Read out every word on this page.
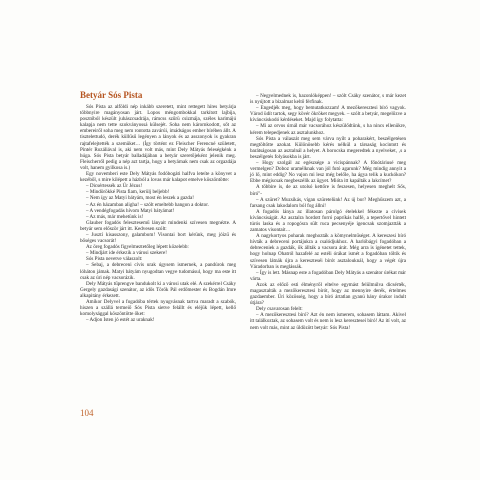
Betyár Sós Pista

Sós Pista az alföldi nép inkább szeretett, mint rettegett híres betyárja többnyire magányosan járt. Lopos méngombokkal tarkított lajbija, posztóból készült juhászcsadrája, rámcss szűrü csizmája, széles karimájú kalapja nem tette szokványossá külsejét. Soha nem kárornkodott, sőt az embereiről soha meg nem rontotta zavárúi, imádságos ember bírében állt. A tisztelettudó, derék küllűsű legényen a lányok és az asszonyok is gyakran rajtafelejtették a szemüket… (Így történt ez Fleischer Ferencné született, Pintér Rozáliával is, aki nem volt más, mint Dely Mátyás feleségkénk a húga. Sós Pista betyár balladájában a betyár szeretőjeként jelenik meg. Fleischerről pedig a nép azt tartja, hogy a betyárnak nem csak az orgazdája volt, hanem gyilkosa is.)

Egy novemberi este Dely Mátyás fodóbogáti halfva leteíte a könyvet a kezéből, s mire kilépett a házból a lovas már kalapot emelve köszöntötte:

– Dicsértessék az Úr Jézus!

– Mindörökké Pista fiam, kerülj beljebb!

– Nem így az Matyi bátyám, most én leszek a gazda!

– Az én házamban aligha! – szólt emeltebb hangon a doktor.

– A vendégfogadás hívom Matyi bátyámat!

– Az más, már mehetünk is!

Glauber fogadós felesztesemű lányait mindenki szívesen megnézte. A betyár sem először járt itt. Kedvesen szólt:

– Jusztí kisasszony, galambom! Visontai bort kérünk, meg jóízű és bőséges vacsorát!

Az öreg fogadós figyelmeztetőleg lépett közelebb:

– Mindjárt ide érkezik a városi szekere!

Sós Pista nevetve válaszolt:

– Sebaj, a debreceni cívis urak úgysem ismernek, a pandúrok meg lóháton jámak. Matyi bátyám nyugodtan vegye tudomásul, hogy ma este itt csak az úri nép vacsorázik.

Dely Mátyás tűprengve bandukolt ki a városi utak elé. A szekérrel Csáky Gergely gazdasági szenátor, az idős Török Pál erdőmester és Bogdán Imre alkapitány érkezett.

Amikor Delyvel a fogadóba tértek nyugvásnak tartva maradt a szabók, hiszen a szállá termeiő Sós Pista sietve felállt és eléjük lépett, kellő komolysággal köszöntötte őket:

– Adjon Isten jó estét az uraknak!

– Negyelmednek is, hazonlóképpen! – szólt Csáky szenátor, s már kezet is nyújtott a bizalmat keltő férfinak.

– Engedjék meg, hogy bemutatkozzam! A mezőkeresztesi bíró vagyok. Várod üdít tartok, segy kövér ökröket megyek. – szólt a betyár, megelőzve a kíváncsiskodó kérdéseket. Majd így folytatta:

– Mi az orvos úrnál már vacsorához készülődtünk, s ha nincs ellenükre, kérem telepedjenek az asztalunkhoz.

Sós Pista a válaszát meg sem várva nyílt a poharakért, beszélgetésen megtöltötte azokat. Különösebb kérés nélkül a társaság kocintott és barátságosan az asztalnál a helyet. A borocska megeredtek a nyelveket, ‚s a beszélgetés folyásokba is járt.

– Hogy szolgál az egészsége a vicispánnak? A főnótáriusé meg vermelgen? Doboz uramélknak van jól futó agarunk? Még mindig annyit a jó lő, mint eddig? No vajon mi lesz még belőle, ha ágya telik a kuckókon? Ebbe mégiscsak megbeszélik az ügyet. Mióta itt kapálták a lakcímet?

A többire is, de az utolsó kettőre is feszesen, helyesen meghelt Sős, bíró"-

– A szüret? Muzsikás, vígan szüretelünk! Az új bor? Meghűszem azt, a farsang csak lakodalom ból fog állni!

A fogadós lánya az illatosan párolgó ételekkel fékezte a cívisek kíváncsiságát. Az asztalra hordott forró papríkás halfé, a tepertővel hintett túrós laska és a ropogósra sült ruca pecsenyéje igencsak szomjaztták a zamatos visontait…

A nagykortyos poharak meghozták a kömynelműséget. A kereszesi bíró hívták a debreceni portájukra a csalódjukhoz. A harlóbágyi fogadóban a debreceniek a gazdák, ők állták a vacsora árát. Még arra is igénetet tettek, hogy holnap Ohatról hazafelé az estéli órákat ismét a fogadóban töltik és szívesen látnák újra a kereszteséi bírót asztalouknál, hogy a végét újra Váradorban is meglássák.

– Így is lett. Másnap este a fogadóban Dely Mátyás a szenátor úrékat már várta.

Azok az előző esti élményről eltelve egymást felülmúlva dicsérték, magasztalták a mezőkeresztesi bírót, hogy az mennyire derék, értelmes gazdaember. Úri közösség, hogy a bíró ártatlan gyanú hány órakor indult útjára?

Dely csavarosan felelt:

– A mezőkeresztesi bíró? Azt én nem ismerem, sohasem láttam. Akivel itt találkoztak, az sohasem volt és nem is lesz kereszteseí bíró! Az ití volt, az nem volt más, mint az üldözött betyár: Sós Pista!

104
